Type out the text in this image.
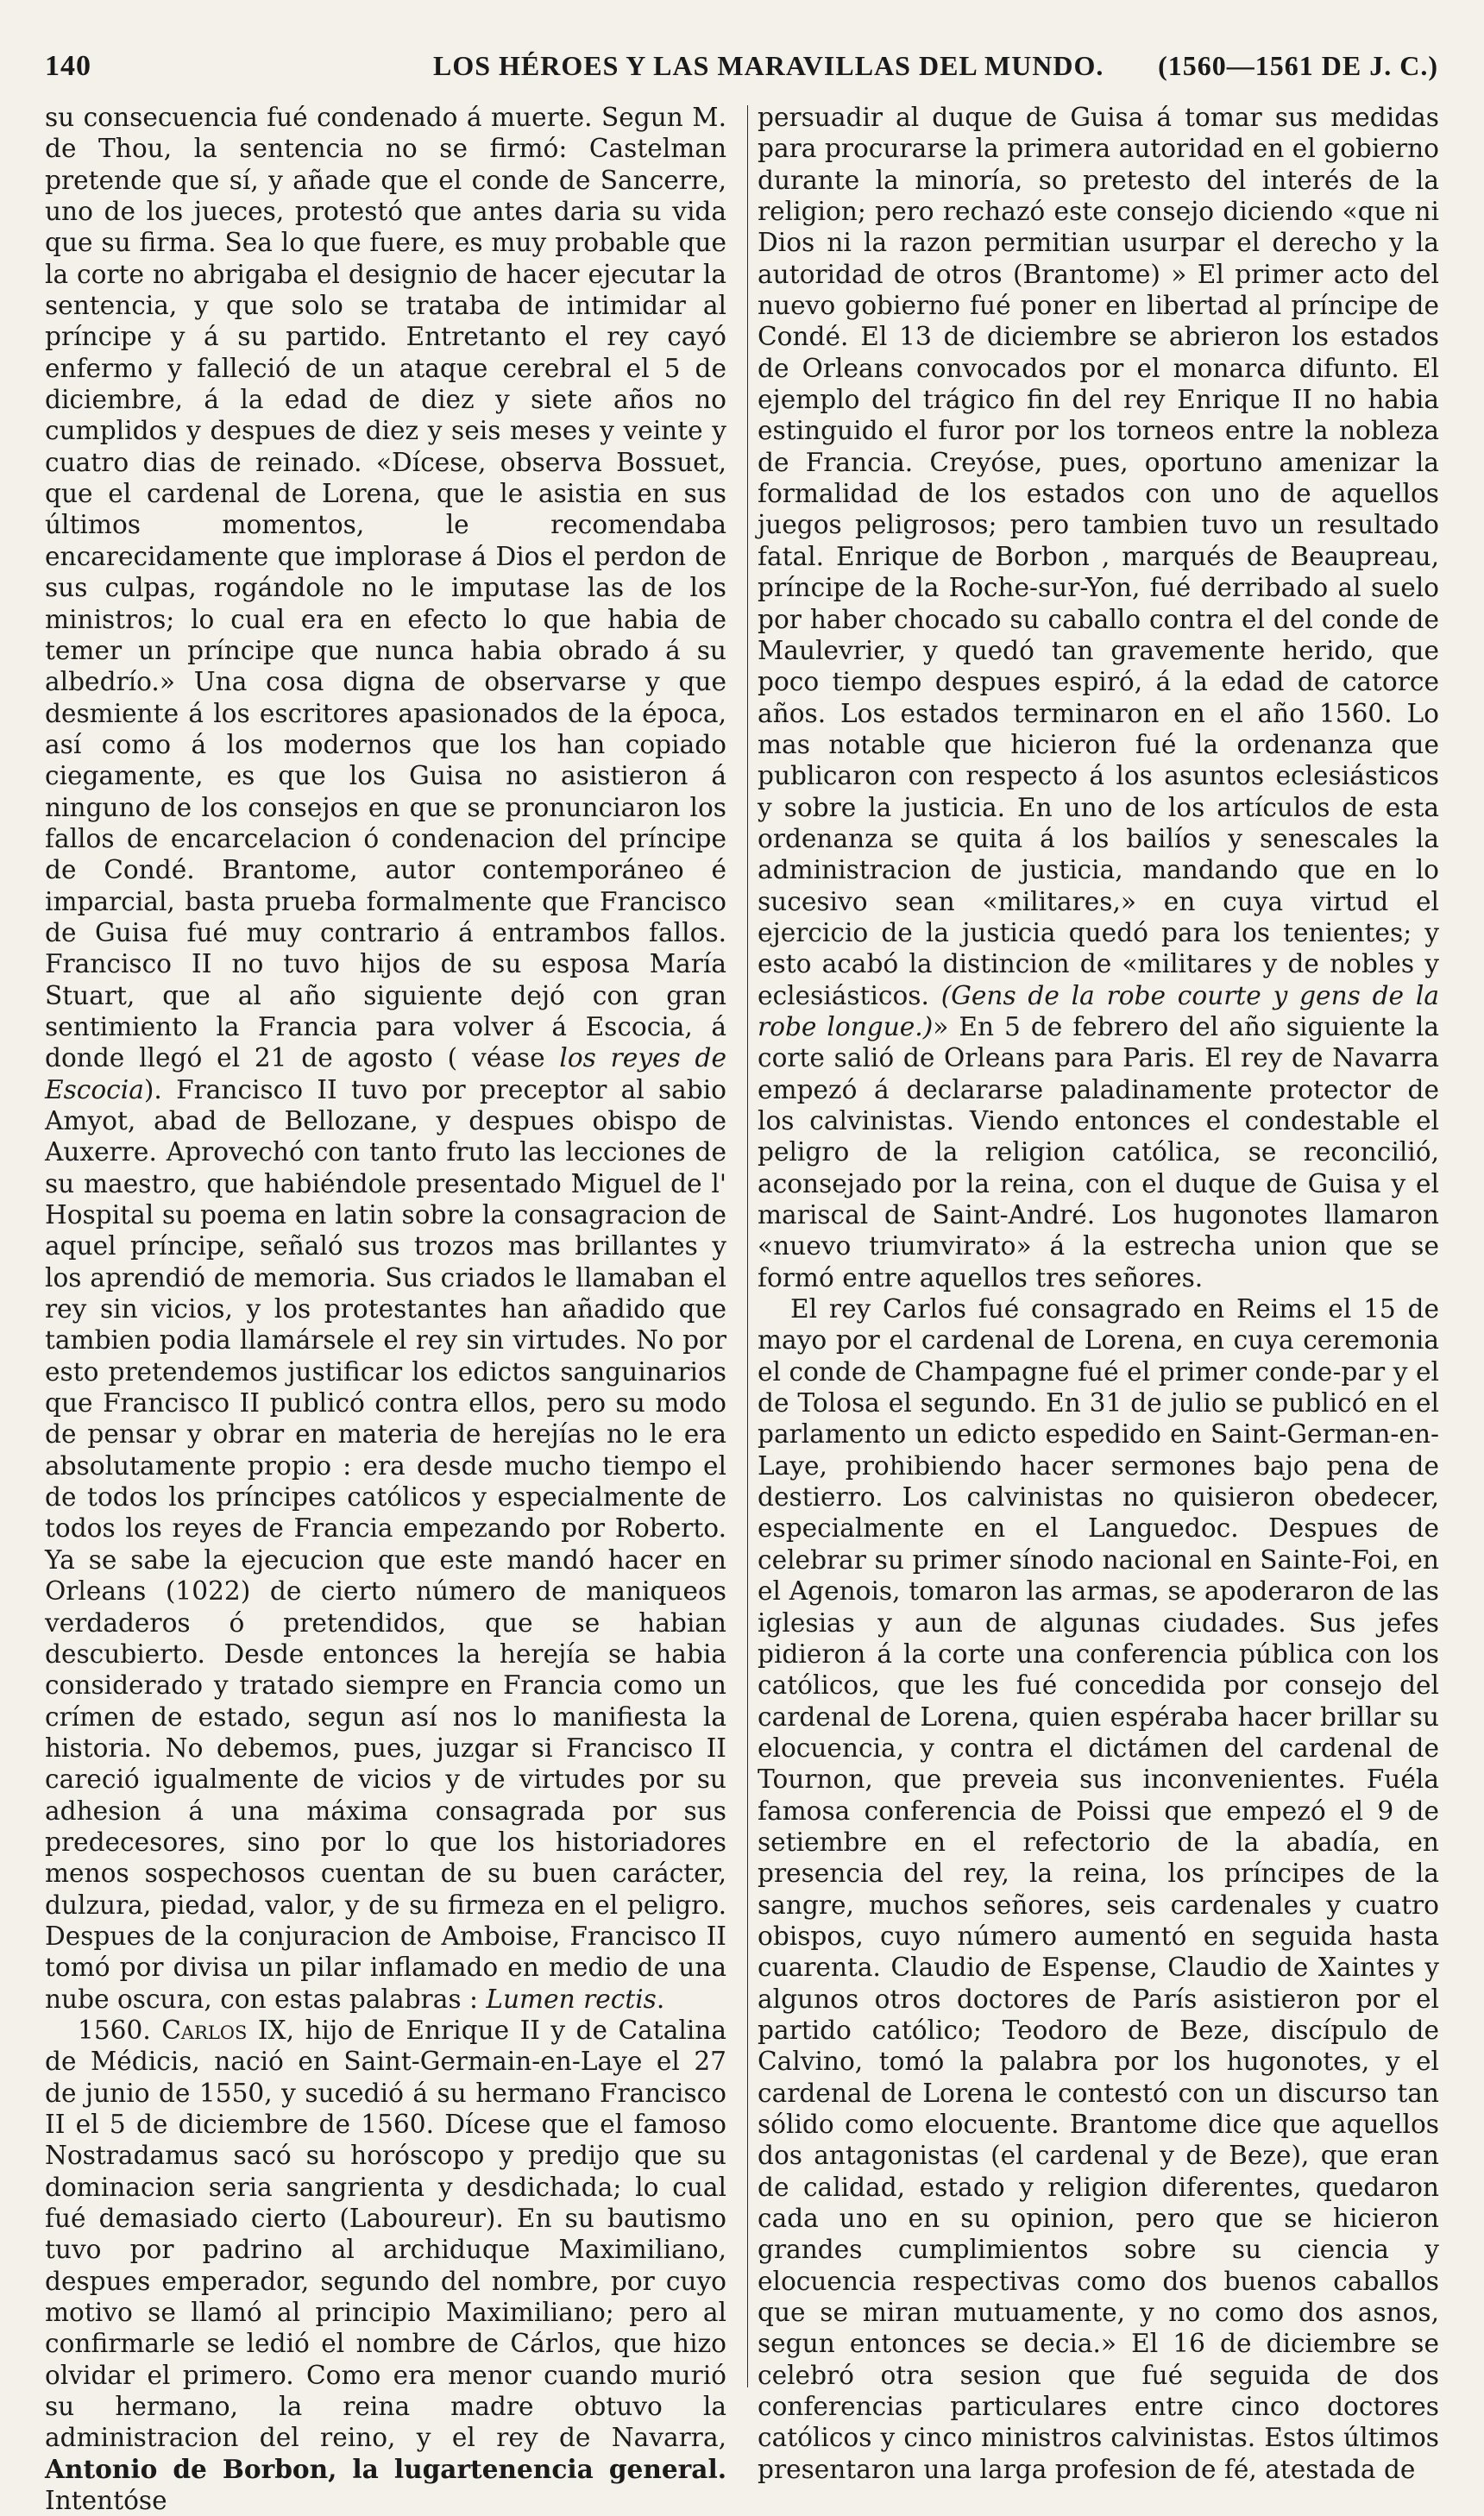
140	LOS HÉROES Y LAS MARAVILLAS DEL MUNDO. (1560—1561 DE J. C.)

su consecuencia fué condenado á muerte. Segun M. de Thou, la sentencia no se firmó: Castelman pretende que sí, y añade que el conde de Sancerre, uno de los jueces, protestó que antes daria su vida que su firma. Sea lo que fuere, es muy probable que la corte no abrigaba el designio de hacer ejecutar la sentencia, y que solo se trataba de intimidar al príncipe y á su partido. Entretanto el rey cayó enfermo y falleció de un ataque cerebral el 5 de diciembre, á la edad de diez y siete años no cumplidos y despues de diez y seis meses y veinte y cuatro dias de reinado. «Dícese, observa Bossuet, que el cardenal de Lorena, que le asistia en sus últimos momentos, le recomendaba encarecidamente que implorase á Dios el perdon de sus culpas, rogándole no le imputase las de los ministros; lo cual era en efecto lo que habia de temer un príncipe que nunca habia obrado á su albedrío.» Una cosa digna de observarse y que desmiente á los escritores apasionados de la época, así como á los modernos que los han copiado ciegamente, es que los Guisa no asistieron á ninguno de los consejos en que se pronunciaron los fallos de encarcelacion ó condenacion del príncipe de Condé. Brantome, autor contemporáneo é imparcial, basta prueba formalmente que Francisco de Guisa fué muy contrario á entrambos fallos. Francisco II no tuvo hijos de su esposa María Stuart, que al año siguiente dejó con gran sentimiento la Francia para volver á Escocia, á donde llegó el 21 de agosto ( véase los reyes de Escocia). Francisco II tuvo por preceptor al sabio Amyot, abad de Bellozane, y despues obispo de Auxerre. Aprovechó con tanto fruto las lecciones de su maestro, que habiéndole presentado Miguel de l' Hospital su poema en latin sobre la consagracion de aquel príncipe, señaló sus trozos mas brillantes y los aprendió de memoria. Sus criados le llamaban el rey sin vicios, y los protestantes han añadido que tambien podia llamársele el rey sin virtudes. No por esto pretendemos justificar los edictos sanguinarios que Francisco II publicó contra ellos, pero su modo de pensar y obrar en materia de herejías no le era absolutamente propio : era desde mucho tiempo el de todos los príncipes católicos y especialmente de todos los reyes de Francia empezando por Roberto. Ya se sabe la ejecucion que este mandó hacer en Orleans (1022) de cierto número de maniqueos verdaderos ó pretendidos, que se habian descubierto. Desde entonces la herejía se habia considerado y tratado siempre en Francia como un crímen de estado, segun así nos lo manifiesta la historia. No debemos, pues, juzgar si Francisco II careció igualmente de vicios y de virtudes por su adhesion á una máxima consagrada por sus predecesores, sino por lo que los historiadores menos sospechosos cuentan de su buen carácter, dulzura, piedad, valor, y de su firmeza en el peligro. Despues de la conjuracion de Amboise, Francisco II tomó por divisa un pilar inflamado en medio de una nube oscura, con estas palabras : Lumen rectis.

1560. Carlos IX, hijo de Enrique II y de Catalina de Médicis, nació en Saint-Germain-en-Laye el 27 de junio de 1550, y sucedió á su hermano Francisco II el 5 de diciembre de 1560. Dícese que el famoso Nostradamus sacó su horóscopo y predijo que su dominacion seria sangrienta y desdichada; lo cual fué demasiado cierto (Laboureur). En su bautismo tuvo por padrino al archiduque Maximiliano, despues emperador, segundo del nombre, por cuyo motivo se llamó al principio Maximiliano; pero al confirmarle se ledió el nombre de Cárlos, que hizo olvidar el primero. Como era menor cuando murió su hermano, la reina madre obtuvo la administracion del reino, y el rey de Navarra, Antonio de Borbon, la lugartenencia general. Intentóse

persuadir al duque de Guisa á tomar sus medidas para procurarse la primera autoridad en el gobierno durante la minoría, so pretesto del interés de la religion; pero rechazó este consejo diciendo «que ni Dios ni la razon permitian usurpar el derecho y la autoridad de otros (Brantome) » El primer acto del nuevo gobierno fué poner en libertad al príncipe de Condé. El 13 de diciembre se abrieron los estados de Orleans convocados por el monarca difunto. El ejemplo del trágico fin del rey Enrique II no habia estinguido el furor por los torneos entre la nobleza de Francia. Creyóse, pues, oportuno amenizar la formalidad de los estados con uno de aquellos juegos peligrosos; pero tambien tuvo un resultado fatal. Enrique de Borbon , marqués de Beaupreau, príncipe de la Roche-sur-Yon, fué derribado al suelo por haber chocado su caballo contra el del conde de Maulevrier, y quedó tan gravemente herido, que poco tiempo despues espiró, á la edad de catorce años. Los estados terminaron en el año 1560. Lo mas notable que hicieron fué la ordenanza que publicaron con respecto á los asuntos eclesiásticos y sobre la justicia. En uno de los artículos de esta ordenanza se quita á los bailíos y senescales la administracion de justicia, mandando que en lo sucesivo sean «militares,» en cuya virtud el ejercicio de la justicia quedó para los tenientes; y esto acabó la distincion de «militares y de nobles y eclesiásticos. (Gens de la robe courte y gens de la robe longue.)» En 5 de febrero del año siguiente la corte salió de Orleans para Paris. El rey de Navarra empezó á declararse paladinamente protector de los calvinistas. Viendo entonces el condestable el peligro de la religion católica, se reconcilió, aconsejado por la reina, con el duque de Guisa y el mariscal de Saint-André. Los hugonotes llamaron «nuevo triumvirato» á la estrecha union que se formó entre aquellos tres señores.

El rey Carlos fué consagrado en Reims el 15 de mayo por el cardenal de Lorena, en cuya ceremonia el conde de Champagne fué el primer conde-par y el de Tolosa el segundo. En 31 de julio se publicó en el parlamento un edicto espedido en Saint-German-en-Laye, prohibiendo hacer sermones bajo pena de destierro. Los calvinistas no quisieron obedecer, especialmente en el Languedoc. Despues de celebrar su primer sínodo nacional en Sainte-Foi, en el Agenois, tomaron las armas, se apoderaron de las iglesias y aun de algunas ciudades. Sus jefes pidieron á la corte una conferencia pública con los católicos, que les fué concedida por consejo del cardenal de Lorena, quien espéraba hacer brillar su elocuencia, y contra el dictámen del cardenal de Tournon, que preveia sus inconvenientes. Fuéla famosa conferencia de Poissi que empezó el 9 de setiembre en el refectorio de la abadía, en presencia del rey, la reina, los príncipes de la sangre, muchos señores, seis cardenales y cuatro obispos, cuyo número aumentó en seguida hasta cuarenta. Claudio de Espense, Claudio de Xaintes y algunos otros doctores de París asistieron por el partido católico; Teodoro de Beze, discípulo de Calvino, tomó la palabra por los hugonotes, y el cardenal de Lorena le contestó con un discurso tan sólido como elocuente. Brantome dice que aquellos dos antagonistas (el cardenal y de Beze), que eran de calidad, estado y religion diferentes, quedaron cada uno en su opinion, pero que se hicieron grandes cumplimientos sobre su ciencia y elocuencia respectivas como dos buenos caballos que se miran mutuamente, y no como dos asnos, segun entonces se decia.» El 16 de diciembre se celebró otra sesion que fué seguida de dos conferencias particulares entre cinco doctores católicos y cinco ministros calvinistas. Estos últimos presentaron una larga profesion de fé, atestada de
